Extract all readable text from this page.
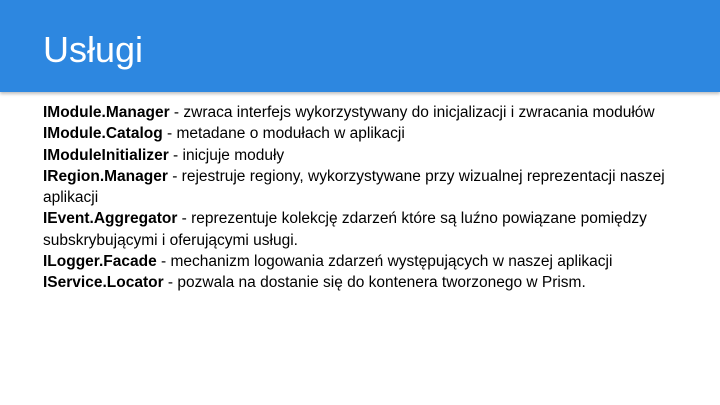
Usługi

IModule.Manager - zwraca interfejs wykorzystywany do inicjalizacji i zwracania modułów

IModule.Catalog - metadane o modułach w aplikacji

IModuleInitializer - inicjuje moduły

IRegion.Manager - rejestruje regiony, wykorzystywane przy wizualnej reprezentacji naszej aplikacji

IEvent.Aggregator - reprezentuje kolekcję zdarzeń które są luźno powiązane pomiędzy subskrybującymi i oferującymi usługi.

ILogger.Facade - mechanizm logowania zdarzeń występujących w naszej aplikacji

IService.Locator - pozwala na dostanie się do kontenera tworzonego w Prism.
